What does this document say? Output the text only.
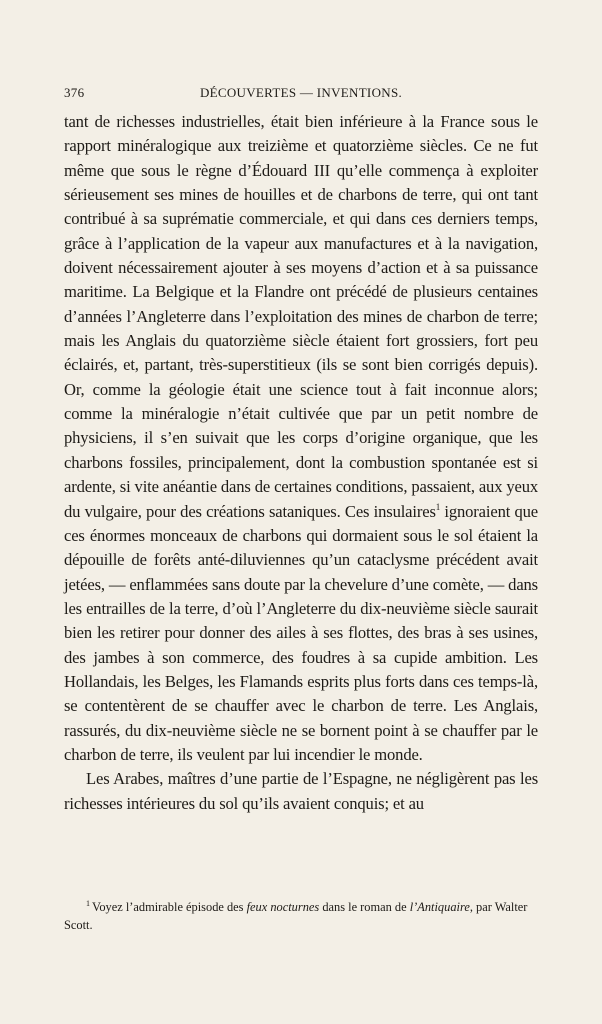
376	DÉCOUVERTES — INVENTIONS.

tant de richesses industrielles, était bien inférieure à la France sous le rapport minéralogique aux treizième et quatorzième siècles. Ce ne fut même que sous le règne d’Édouard III qu’elle commença à exploiter sérieusement ses mines de houilles et de charbons de terre, qui ont tant contribué à sa suprématie commerciale, et qui dans ces derniers temps, grâce à l’application de la vapeur aux manufactures et à la navigation, doivent nécessairement ajouter à ses moyens d’action et à sa puissance maritime. La Belgique et la Flandre ont précédé de plusieurs centaines d’années l’Angleterre dans l’exploitation des mines de charbon de terre; mais les Anglais du quatorzième siècle étaient fort grossiers, fort peu éclairés, et, partant, très-superstitieux (ils se sont bien corrigés depuis). Or, comme la géologie était une science tout à fait inconnue alors; comme la minéralogie n’était cultivée que par un petit nombre de physiciens, il s’en suivait que les corps d’origine organique, que les charbons fossiles, principalement, dont la combustion spontanée est si ardente, si vite anéantie dans de certaines conditions, passaient, aux yeux du vulgaire, pour des créations sataniques. Ces insulaires$^1$ ignoraient que ces énormes monceaux de charbons qui dormaient sous le sol étaient la dépouille de forêts anté-diluviennes qu’un cataclysme précédent avait jetées, — enflammées sans doute par la chevelure d’une comète, — dans les entrailles de la terre, d’où l’Angleterre du dix-neuvième siècle saurait bien les retirer pour donner des ailes à ses flottes, des bras à ses usines, des jambes à son commerce, des foudres à sa cupide ambition. Les Hollandais, les Belges, les Flamands esprits plus forts dans ces temps-là, se contentèrent de se chauffer avec le charbon de terre. Les Anglais, rassurés, du dix-neuvième siècle ne se bornent point à se chauffer par le charbon de terre, ils veulent par lui incendier le monde.

Les Arabes, maîtres d’une partie de l’Espagne, ne négligèrent pas les richesses intérieures du sol qu’ils avaient conquis; et au

$^1$ Voyez l’admirable épisode des feux nocturnes dans le roman de l’Antiquaire, par Walter Scott.
